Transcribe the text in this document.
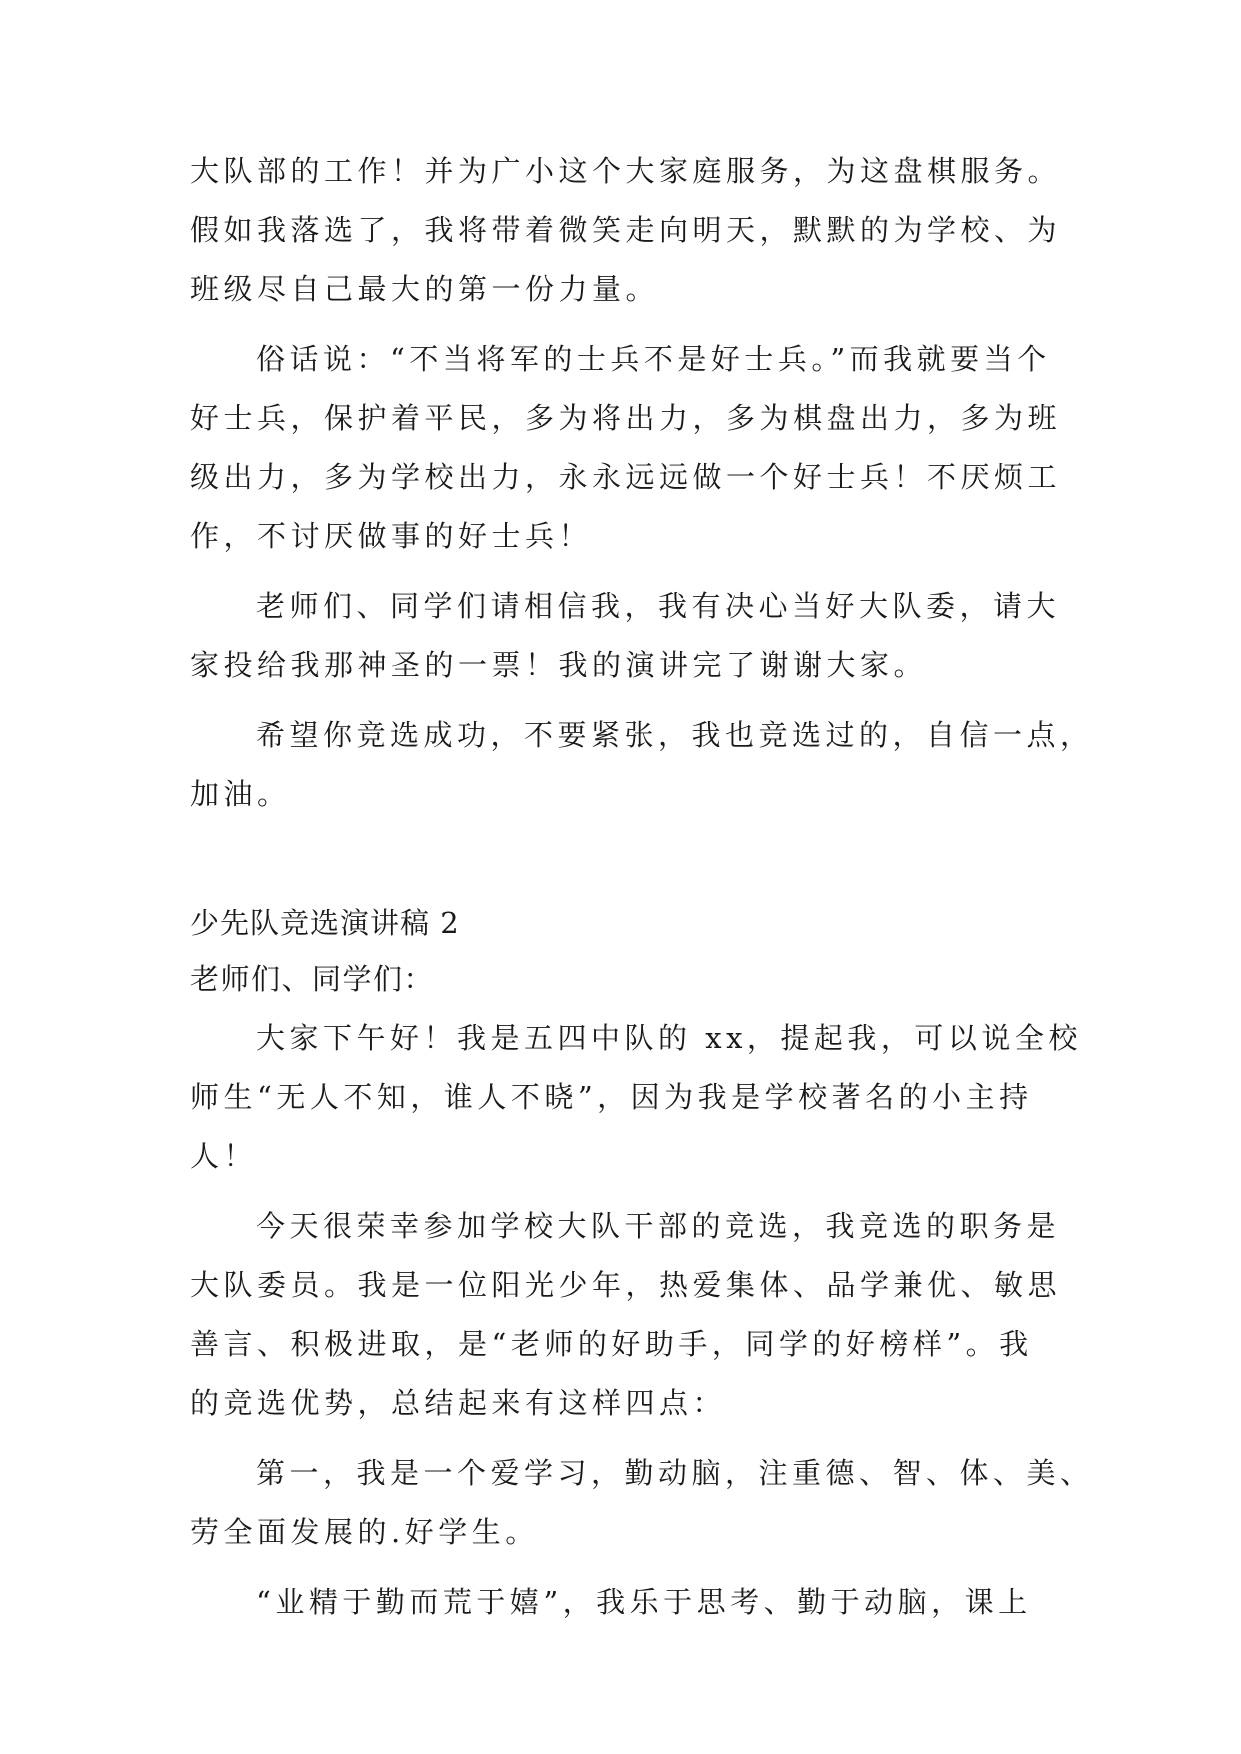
大队部的工作！并为广小这个大家庭服务，为这盘棋服务。
假如我落选了，我将带着微笑走向明天，默默的为学校、为
班级尽自己最大的第一份力量。
俗话说：“不当将军的士兵不是好士兵。”而我就要当个
好士兵，保护着平民，多为将出力，多为棋盘出力，多为班
级出力，多为学校出力，永永远远做一个好士兵！不厌烦工
作，不讨厌做事的好士兵！
老师们、同学们请相信我，我有决心当好大队委，请大
家投给我那神圣的一票！我的演讲完了谢谢大家。
希望你竞选成功，不要紧张，我也竞选过的，自信一点，
加油。
少先队竞选演讲稿 2
老师们、同学们：
大家下午好！我是五四中队的 xx，提起我，可以说全校
师生“无人不知，谁人不晓”，因为我是学校著名的小主持
人！
今天很荣幸参加学校大队干部的竞选，我竞选的职务是
大队委员。我是一位阳光少年，热爱集体、品学兼优、敏思
善言、积极进取，是“老师的好助手，同学的好榜样”。我
的竞选优势，总结起来有这样四点：
第一，我是一个爱学习，勤动脑，注重德、智、体、美、
劳全面发展的.好学生。
“业精于勤而荒于嬉”，我乐于思考、勤于动脑，课上
